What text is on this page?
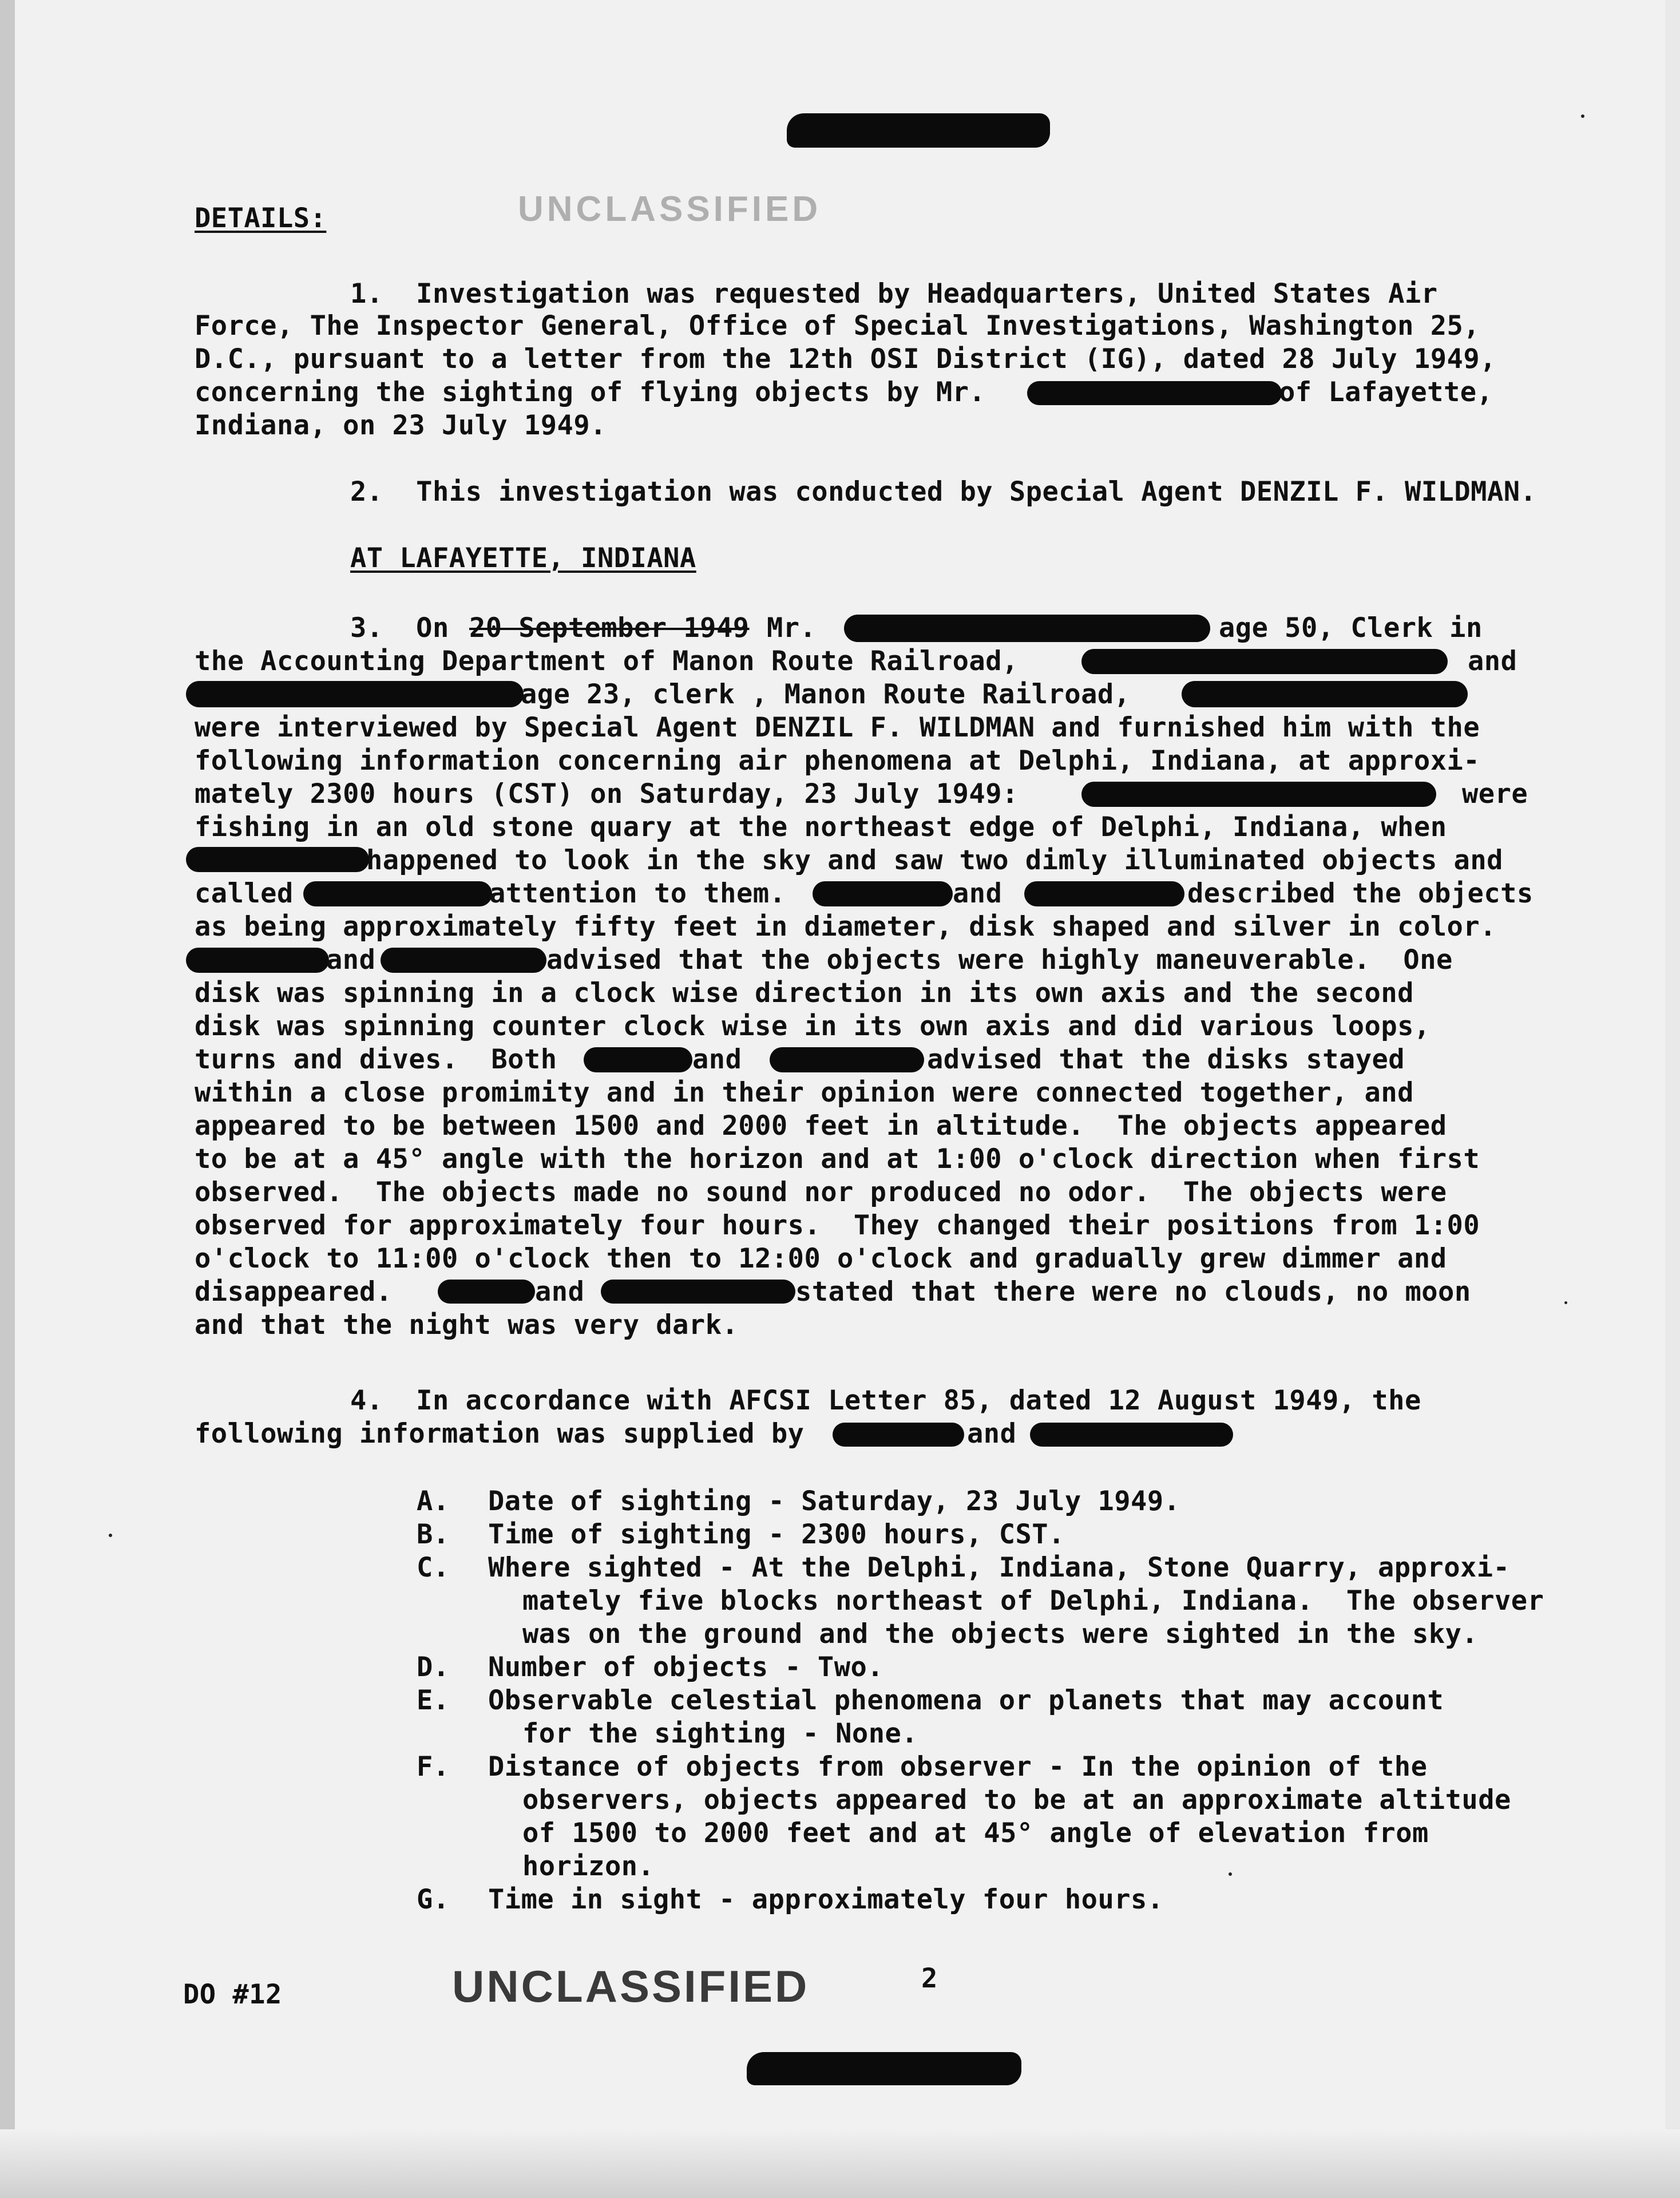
DETAILS:	UNCLASSIFIED
1.  Investigation was requested by Headquarters, United States Air
Force, The Inspector General, Office of Special Investigations, Washington 25,
D.C., pursuant to a letter from the 12th OSI District (IG), dated 28 July 1949,
concerning the sighting of flying objects by Mr.	of Lafayette,
Indiana, on 23 July 1949.
2.  This investigation was conducted by Special Agent DENZIL F. WILDMAN.
AT LAFAYETTE, INDIANA
3.  On 20 September 1949 Mr.	age 50, Clerk in
the Accounting Department of Manon Route Railroad,	and
age 23, clerk , Manon Route Railroad,
were interviewed by Special Agent DENZIL F. WILDMAN and furnished him with the
following information concerning air phenomena at Delphi, Indiana, at approxi-
mately 2300 hours (CST) on Saturday, 23 July 1949:	were
fishing in an old stone quary at the northeast edge of Delphi, Indiana, when
happened to look in the sky and saw two dimly illuminated objects and
called	attention to them.	and	described the objects
as being approximately fifty feet in diameter, disk shaped and silver in color.
and	advised that the objects were highly maneuverable.  One
disk was spinning in a clock wise direction in its own axis and the second
disk was spinning counter clock wise in its own axis and did various loops,
turns and dives.  Both	and	advised that the disks stayed
within a close promimity and in their opinion were connected together, and
appeared to be between 1500 and 2000 feet in altitude.  The objects appeared
to be at a 45° angle with the horizon and at 1:00 o'clock direction when first
observed.  The objects made no sound nor produced no odor.  The objects were
observed for approximately four hours.  They changed their positions from 1:00
o'clock to 11:00 o'clock then to 12:00 o'clock and gradually grew dimmer and
disappeared.	and	stated that there were no clouds, no moon
and that the night was very dark.
4.  In accordance with AFCSI Letter 85, dated 12 August 1949, the
following information was supplied by	and
A. Date of sighting - Saturday, 23 July 1949.
B. Time of sighting - 2300 hours, CST.
C. Where sighted - At the Delphi, Indiana, Stone Quarry, approxi-
mately five blocks northeast of Delphi, Indiana.  The observer
was on the ground and the objects were sighted in the sky.
D. Number of objects - Two.
E. Observable celestial phenomena or planets that may account
for the sighting - None.
F. Distance of objects from observer - In the opinion of the
observers, objects appeared to be at an approximate altitude
of 1500 to 2000 feet and at 45° angle of elevation from
horizon.
G. Time in sight - approximately four hours.
DO #12	UNCLASSIFIED	2
